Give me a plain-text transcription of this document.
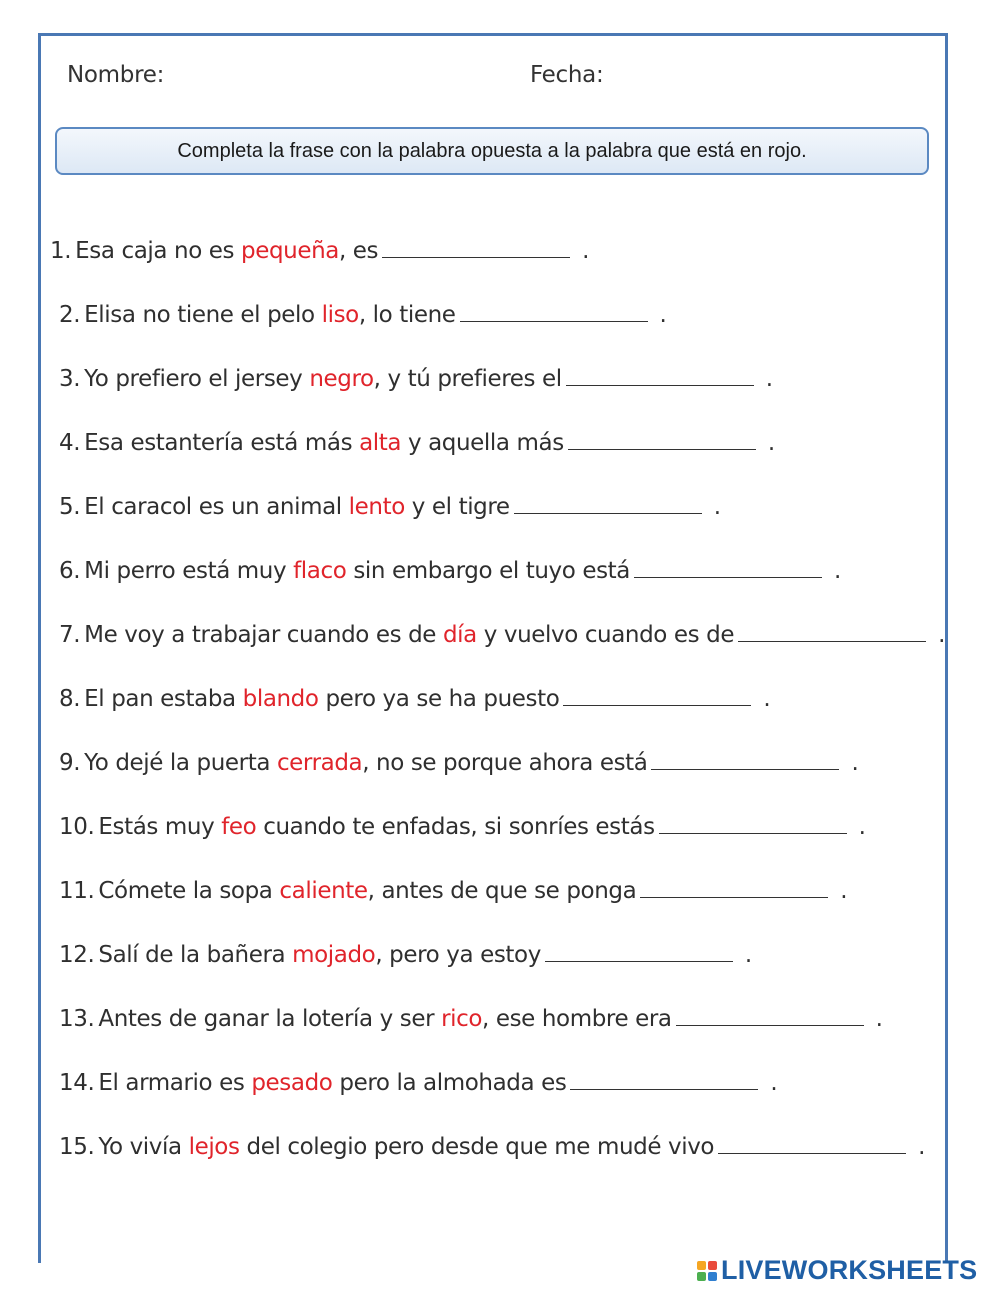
Nombre:	Fecha:
Completa la frase con la palabra opuesta a la palabra que está en rojo.
1. Esa caja no es pequeña, es	.
2. Elisa no tiene el pelo liso, lo tiene	.
3. Yo prefiero el jersey negro, y tú prefieres el	.
4. Esa estantería está más alta y aquella más	.
5. El caracol es un animal lento y el tigre	.
6. Mi perro está muy flaco sin embargo el tuyo está	.
7. Me voy a trabajar cuando es de día y vuelvo cuando es de	.
8. El pan estaba blando pero ya se ha puesto	.
9. Yo dejé la puerta cerrada, no se porque ahora está	.
10. Estás muy feo cuando te enfadas, si sonríes estás	.
11. Cómete la sopa caliente, antes de que se ponga	.
12. Salí de la bañera mojado, pero ya estoy	.
13. Antes de ganar la lotería y ser rico, ese hombre era	.
14. El armario es pesado pero la almohada es	.
15. Yo vivía lejos del colegio pero desde que me mudé vivo	.
LIVEWORKSHEETS
